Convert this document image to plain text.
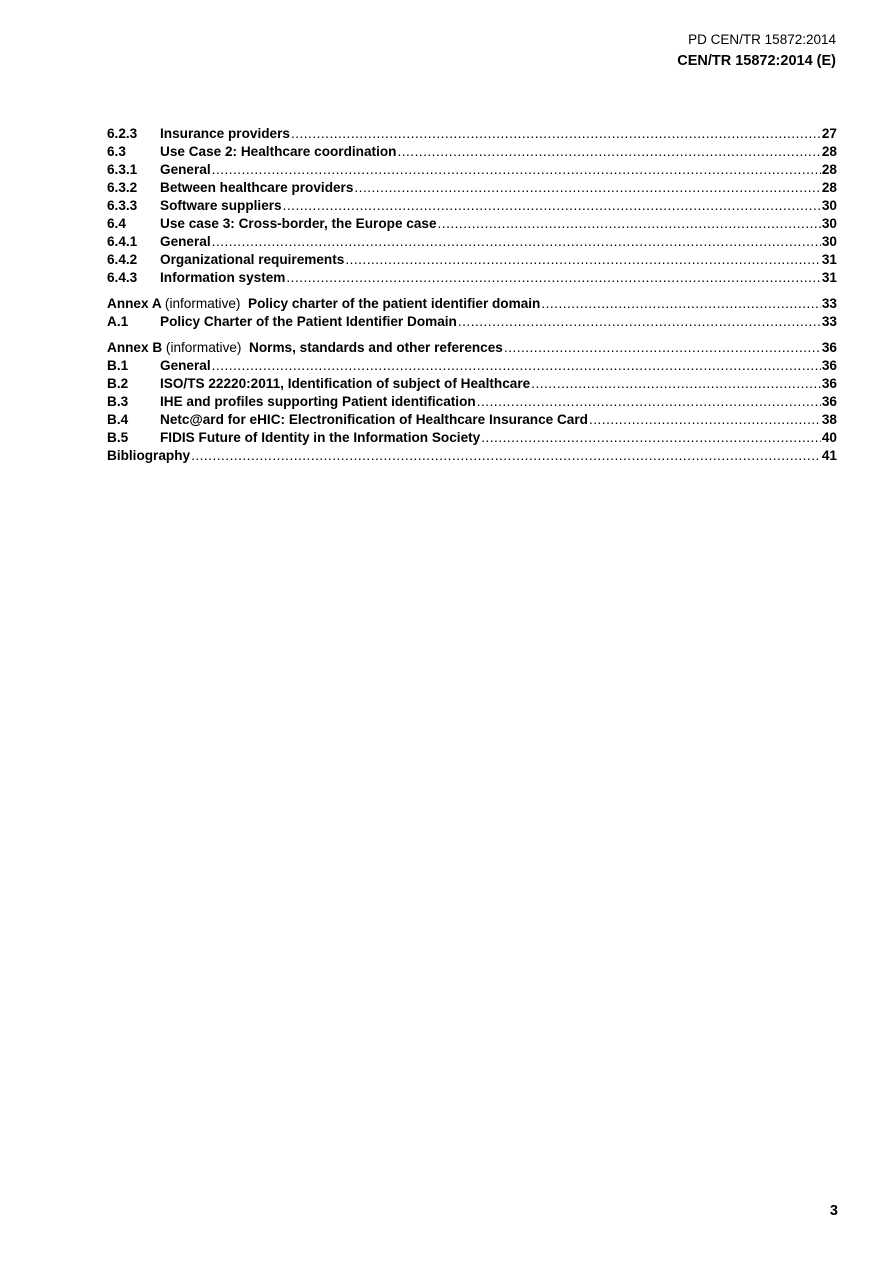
PD CEN/TR 15872:2014
CEN/TR 15872:2014 (E)
6.2.3	Insurance providers .....	27
6.3	Use Case 2: Healthcare coordination .....	28
6.3.1	General .....	28
6.3.2	Between healthcare providers .....	28
6.3.3	Software suppliers .....	30
6.4	Use case 3: Cross-border, the Europe case .....	30
6.4.1	General .....	30
6.4.2	Organizational requirements .....	31
6.4.3	Information system .....	31
Annex A (informative) Policy charter of the patient identifier domain .....	33
A.1	Policy Charter of the Patient Identifier Domain .....	33
Annex B (informative) Norms, standards and other references .....	36
B.1	General .....	36
B.2	ISO/TS 22220:2011, Identification of subject of Healthcare .....	36
B.3	IHE and profiles supporting Patient identification .....	36
B.4	Netc@ard for eHIC: Electronification of Healthcare Insurance Card .....	38
B.5	FIDIS Future of Identity in the Information Society .....	40
Bibliography .....	41
3
